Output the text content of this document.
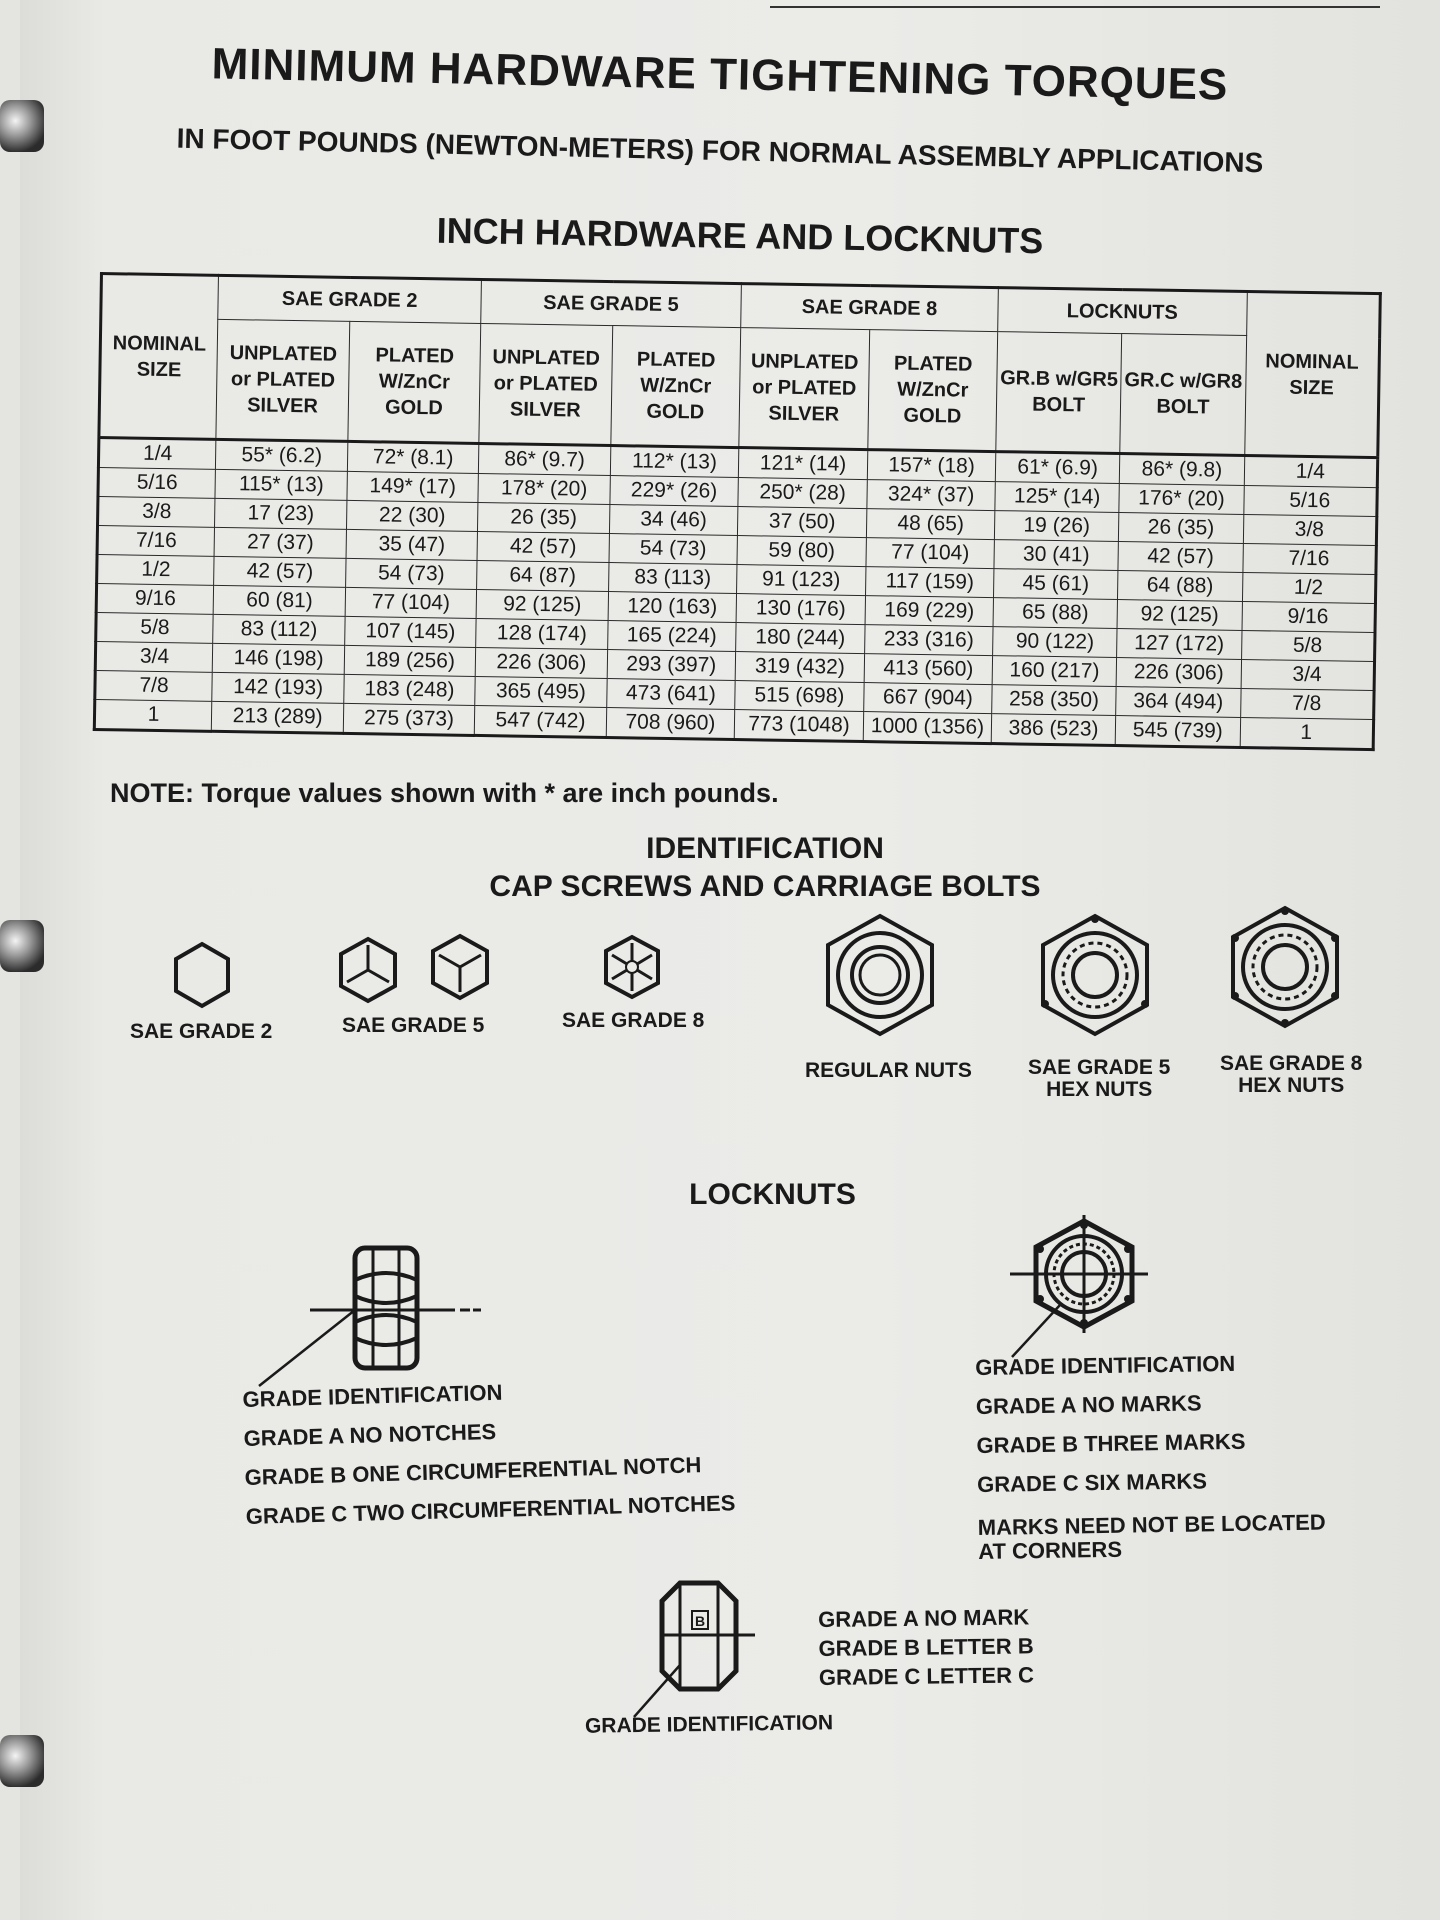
MINIMUM HARDWARE TIGHTENING TORQUES
IN FOOT POUNDS (NEWTON-METERS) FOR NORMAL ASSEMBLY APPLICATIONS
INCH HARDWARE AND LOCKNUTS
NOMINAL SIZE	SAE GRADE 2		SAE GRADE 5		SAE GRADE 8		LOCKNUTS		NOMINAL SIZE
	UNPLATED or PLATED SILVER	PLATED W/ZnCr GOLD	UNPLATED or PLATED SILVER	PLATED W/ZnCr GOLD	UNPLATED or PLATED SILVER	PLATED W/ZnCr GOLD	GR.B w/GR5 BOLT	GR.C w/GR8 BOLT	
1/4	55* (6.2)	72* (8.1)	86* (9.7)	112* (13)	121* (14)	157* (18)	61* (6.9)	86* (9.8)	1/4
5/16	115* (13)	149* (17)	178* (20)	229* (26)	250* (28)	324* (37)	125* (14)	176* (20)	5/16
3/8	17 (23)	22 (30)	26 (35)	34 (46)	37 (50)	48 (65)	19 (26)	26 (35)	3/8
7/16	27 (37)	35 (47)	42 (57)	54 (73)	59 (80)	77 (104)	30 (41)	42 (57)	7/16
1/2	42 (57)	54 (73)	64 (87)	83 (113)	91 (123)	117 (159)	45 (61)	64 (88)	1/2
9/16	60 (81)	77 (104)	92 (125)	120 (163)	130 (176)	169 (229)	65 (88)	92 (125)	9/16
5/8	83 (112)	107 (145)	128 (174)	165 (224)	180 (244)	233 (316)	90 (122)	127 (172)	5/8
3/4	146 (198)	189 (256)	226 (306)	293 (397)	319 (432)	413 (560)	160 (217)	226 (306)	3/4
7/8	142 (193)	183 (248)	365 (495)	473 (641)	515 (698)	667 (904)	258 (350)	364 (494)	7/8
1	213 (289)	275 (373)	547 (742)	708 (960)	773 (1048)	1000 (1356)	386 (523)	545 (739)	1
NOTE: Torque values shown with * are inch pounds.
IDENTIFICATION
CAP SCREWS AND CARRIAGE BOLTS
SAE GRADE 2	SAE GRADE 5	SAE GRADE 8
REGULAR NUTS	SAE GRADE 5
HEX NUTS
SAE GRADE 8
HEX NUTS
LOCKNUTS
GRADE IDENTIFICATION
GRADE A NO NOTCHES
GRADE B ONE CIRCUMFERENTIAL NOTCH
GRADE C TWO CIRCUMFERENTIAL NOTCHES
GRADE IDENTIFICATION
GRADE A NO MARKS
GRADE B THREE MARKS
GRADE C SIX MARKS
MARKS NEED NOT BE LOCATED
AT CORNERS
B
GRADE IDENTIFICATION
GRADE A NO MARK
GRADE B LETTER B
GRADE C LETTER C
